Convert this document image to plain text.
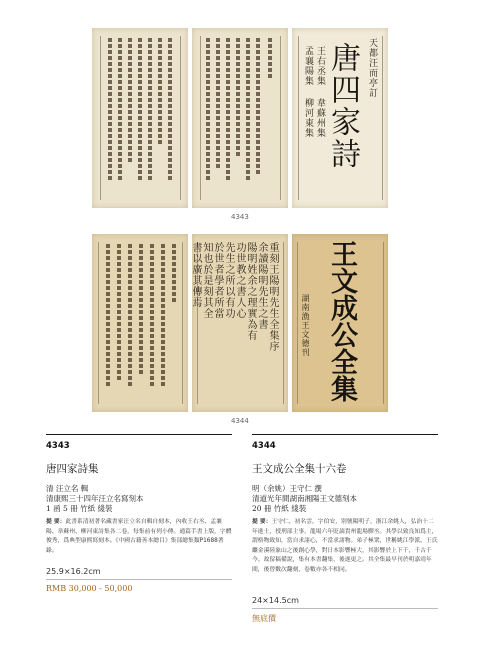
天都汪而亭訂
唐四家詩
王右丞集
孟襄陽集
韋蘇州集
柳河東集
4343
重刻王陽明先生全集序
余讀陽明先生之書
陽明姓余之理實為有
功世教之書人心
先生之所以有功
於世者學者所當
知也於是刻其全
書以廣其傳焉	王文成公全集
湖南漁王文德刊
4344
4343
唐四家詩集
清 汪立名 輯
清康熙三十四年汪立名寫刻本
1 函 5 冊 竹紙 綫裝
提 要：此書系清初著名藏書家汪立名自輯自刻本，內收王右丞、孟襄陽、韋蘇州、柳河東詩集各二卷，每集前有列小傳。通篇手書上版，字體俊秀，爲典型康熙寫刻本。《中國古籍善本總目》集部總集類P1688著錄。
25.9×16.2cm
RMB 30,000 - 50,000
4344
王文成公全集十六卷
明（余姚）王守仁 撰
清道光年間湖南湘陽王文德刻本
20 冊 竹紙 綫裝
提 要：王守仁，初名雲，字伯安，別號陽明子，浙江余姚人，弘治十二年進士，授刑部主事，龍場六年貶謫貴州龍場驛丞。其學以致良知爲主，謂格物致知，當自求諸心，不當求諸物。弟子極衆，世稱姚江學派。王氏繼金溪陸象山之後創心學，對日本影響極大，其影響於上下千，千古千今。故留稿備說，集有本書翻集，後遂更之。其全集最早刊於明嘉靖年間，後曾數次翻刻，卷數亦各不相同。
24×14.5cm
無底價
